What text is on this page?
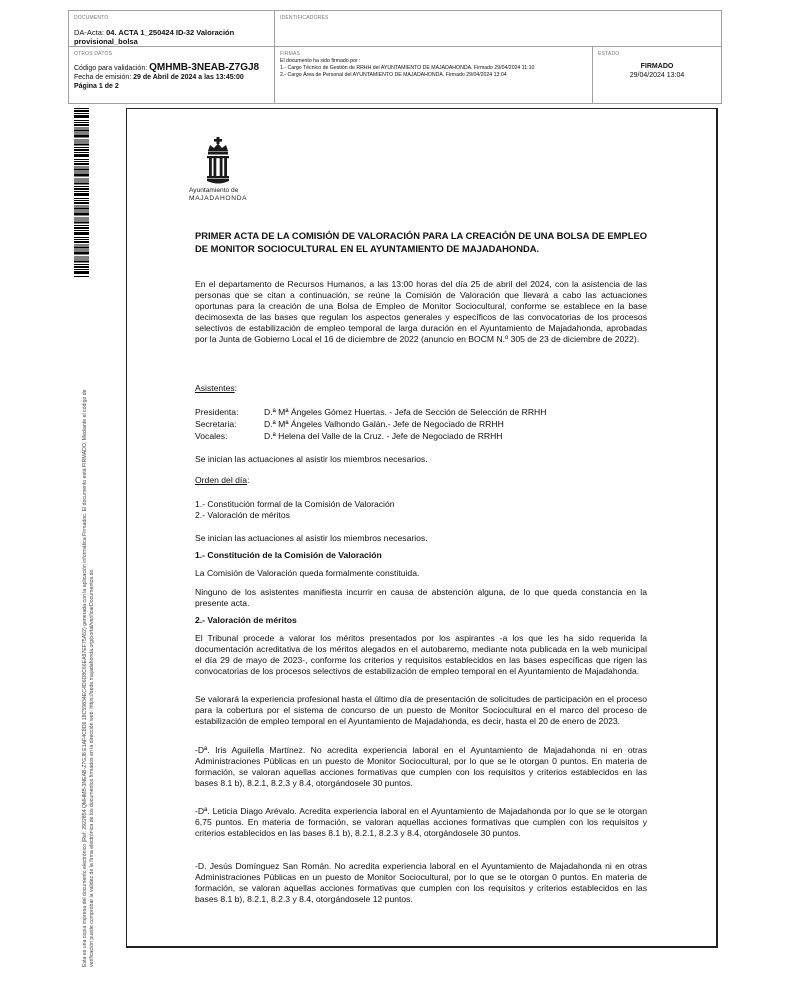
DOCUMENTO
DA-Acta: 04. ACTA 1_250424 ID-32 Valoración provisional_bolsa
IDENTIFICADORES
OTROS DATOS
Código para validación: QMHMB-3NEAB-Z7GJ8
Fecha de emisión: 29 de Abril de 2024 a las 13:45:00
Página 1 de 2
FIRMAS
El documento ha sido firmado por :
1.- Cargo Técnico de Gestión de RRHH del AYUNTAMIENTO DE MAJADAHONDA. Firmado 29/04/2024 11:10
2.- Cargo Área de Personal del AYUNTAMIENTO DE MAJADAHONDA. Firmado 29/04/2024 13:04
ESTADO
FIRMADO
29/04/2024 13:04
Esta es una copia impresa del documento electrónico (Ref: 2922854 QMHMB-3NEAB-Z7GJ8 E1AF4C8D6 18C59834EC4D6D8C66EA97EF75A52) generada con la aplicación informática Firmadoc. El documento está FIRMADO. Mediante el código de verificación puede comprobar la validez de la firma electrónica de los documentos firmados en la dirección web: https://sede.majadahonda.org/portal/verificarDocumentos.do
Ayuntamiento de
MAJADAHONDA

PRIMER ACTA DE LA COMISIÓN DE VALORACIÓN PARA LA CREACIÓN DE UNA BOLSA DE EMPLEO DE MONITOR SOCIOCULTURAL EN EL AYUNTAMIENTO DE MAJADAHONDA.

En el departamento de Recursos Humanos, a las 13:00 horas del día 25 de abril del 2024, con la asistencia de las personas que se citan a continuación, se reúne la Comisión de Valoración que llevará a cabo las actuaciones oportunas para la creación de una Bolsa de Empleo de Monitor Sociocultural, conforme se establece en la base decimosexta de las bases que regulan los aspectos generales y específicos de las convocatorias de los procesos selectivos de estabilización de empleo temporal de larga duración en el Ayuntamiento de Majadahonda, aprobadas por la Junta de Gobierno Local el 16 de diciembre de 2022 (anuncio en BOCM N.º 305 de 23 de diciembre de 2022).

Asistentes:

Presidenta:	D.ª Mª Ángeles Gómez Huertas. - Jefa de Sección de Selección de RRHH
Secretaria:	D.ª Mª Ángeles Valhondo Galán.- Jefe de Negociado de RRHH
Vocales:	D.ª Helena del Valle de la Cruz. - Jefe de Negociado de RRHH

Se inician las actuaciones al asistir los miembros necesarios.

Orden del día:

1.- Constitución formal de la Comisión de Valoración

2.- Valoración de méritos

Se inician las actuaciones al asistir los miembros necesarios.

1.- Constitución de la Comisión de Valoración

La Comisión de Valoración queda formalmente constituida.

Ninguno de los asistentes manifiesta incurrir en causa de abstención alguna, de lo que queda constancia en la presente acta.

2.- Valoración de méritos

El Tribunal procede a valorar los méritos presentados por los aspirantes -a los que les ha sido requerida la documentación acreditativa de los méritos alegados en el autobaremo, mediante nota publicada en la web municipal el día 29 de mayo de 2023-, conforme los criterios y requisitos establecidos en las bases específicas que rigen las convocatorias de los procesos selectivos de estabilización de empleo temporal en el Ayuntamiento de Majadahonda.

Se valorará la experiencia profesional hasta el último día de presentación de solicitudes de participación en el proceso para la cobertura por el sistema de concurso de un puesto de Monitor Sociocultural en el marco del proceso de estabilización de empleo temporal en el Ayuntamiento de Majadahonda, es decir, hasta el 20 de enero de 2023.

-Dª. Iris Aguilella Martínez. No acredita experiencia laboral en el Ayuntamiento de Majadahonda ni en otras Administraciones Públicas en un puesto de Monitor Sociocultural, por lo que se le otorgan 0 puntos. En materia de formación, se valoran aquellas acciones formativas que cumplen con los requisitos y criterios establecidos en las bases 8.1 b), 8.2.1, 8.2.3 y 8.4, otorgándosele 30 puntos.

-Dª. Leticia Diago Arévalo. Acredita experiencia laboral en el Ayuntamiento de Majadahonda por lo que se le otorgan 6,75 puntos. En materia de formación, se valoran aquellas acciones formativas que cumplen con los requisitos y criterios establecidos en las bases 8.1 b), 8.2.1, 8.2.3 y 8.4, otorgándosele 30 puntos.

-D. Jesús Domínguez San Román. No acredita experiencia laboral en el Ayuntamiento de Majadahonda ni en otras Administraciones Públicas en un puesto de Monitor Sociocultural, por lo que se le otorgan 0 puntos. En materia de formación, se valoran aquellas acciones formativas que cumplen con los requisitos y criterios establecidos en las bases 8.1 b), 8.2.1, 8.2.3 y 8.4, otorgándosele 12 puntos.
